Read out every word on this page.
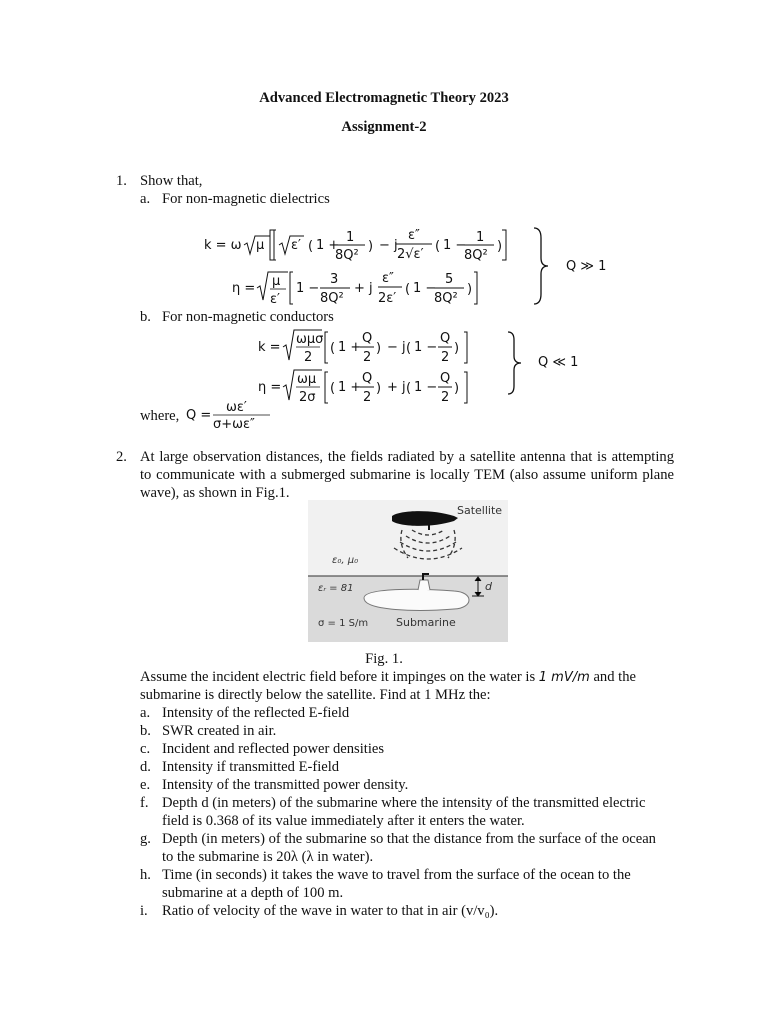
Advanced Electromagnetic Theory 2023
Assignment-2
1. Show that,
a. For non-magnetic dielectrics
k = ω μ ε′ ( 1 +
1
8Q²
) − j
ε″
2√ε′
( 1 −
1
8Q²
)
η = μ
ε′
1 −
3
8Q²
+ j
ε″
2ε′
( 1 −
5
8Q²
)
Q ≫ 1
b. For non-magnetic conductors
k =
ωμσ
2
( 1 +
Q
2
) − j ( 1 −
Q
2
)
η =
ωμ
2σ
( 1 +
Q
2
) + j ( 1 −
Q
2
)
Q ≪ 1
where, Q =
ωε′
σ+ωε″
2. At large observation distances, the fields radiated by a satellite antenna that is attempting to communicate with a submerged submarine is locally TEM (also assume uniform plane wave), as shown in Fig.1.
Satellite
ε₀, μ₀
εᵣ = 81
σ = 1 S/m	Submarine
d
Fig. 1.
Assume the incident electric field before it impinges on the water is 1 mV/m and the
submarine is directly below the satellite. Find at 1 MHz the:
a. Intensity of the reflected E-field
b. SWR created in air.
c. Incident and reflected power densities
d. Intensity if transmitted E-field
e. Intensity of the transmitted power density.
f. Depth d (in meters) of the submarine where the intensity of the transmitted electric
field is 0.368 of its value immediately after it enters the water.
g. Depth (in meters) of the submarine so that the distance from the surface of the ocean
to the submarine is 20λ (λ in water).
h. Time (in seconds) it takes the wave to travel from the surface of the ocean to the
submarine at a depth of 100 m.
i. Ratio of velocity of the wave in water to that in air (v/v₀).
